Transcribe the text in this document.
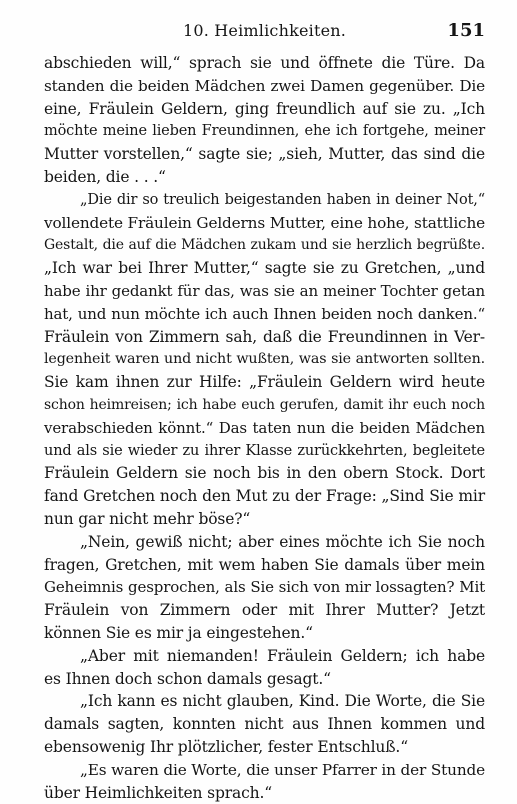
10. Heimlichkeiten.	151
abschieden will,“ sprach sie und öffnete die Türe. Da
standen die beiden Mädchen zwei Damen gegenüber. Die
eine, Fräulein Geldern, ging freundlich auf sie zu. „Ich
möchte meine lieben Freundinnen, ehe ich fortgehe, meiner
Mutter vorstellen,“ sagte sie; „sieh, Mutter, das sind die
beiden, die . . .“
„Die dir so treulich beigestanden haben in deiner Not,“
vollendete Fräulein Gelderns Mutter, eine hohe, stattliche
Gestalt, die auf die Mädchen zukam und sie herzlich begrüßte.
„Ich war bei Ihrer Mutter,“ sagte sie zu Gretchen, „und
habe ihr gedankt für das, was sie an meiner Tochter getan
hat, und nun möchte ich auch Ihnen beiden noch danken.“
Fräulein von Zimmern sah, daß die Freundinnen in Ver-
legenheit waren und nicht wußten, was sie antworten sollten.
Sie kam ihnen zur Hilfe: „Fräulein Geldern wird heute
schon heimreisen; ich habe euch gerufen, damit ihr euch noch
verabschieden könnt.“ Das taten nun die beiden Mädchen
und als sie wieder zu ihrer Klasse zurückkehrten, begleitete
Fräulein Geldern sie noch bis in den obern Stock. Dort
fand Gretchen noch den Mut zu der Frage: „Sind Sie mir
nun gar nicht mehr böse?“
„Nein, gewiß nicht; aber eines möchte ich Sie noch
fragen, Gretchen, mit wem haben Sie damals über mein
Geheimnis gesprochen, als Sie sich von mir lossagten? Mit
Fräulein von Zimmern oder mit Ihrer Mutter? Jetzt
können Sie es mir ja eingestehen.“
„Aber mit niemanden! Fräulein Geldern; ich habe
es Ihnen doch schon damals gesagt.“
„Ich kann es nicht glauben, Kind. Die Worte, die Sie
damals sagten, konnten nicht aus Ihnen kommen und
ebensowenig Ihr plötzlicher, fester Entschluß.“
„Es waren die Worte, die unser Pfarrer in der Stunde
über Heimlichkeiten sprach.“
